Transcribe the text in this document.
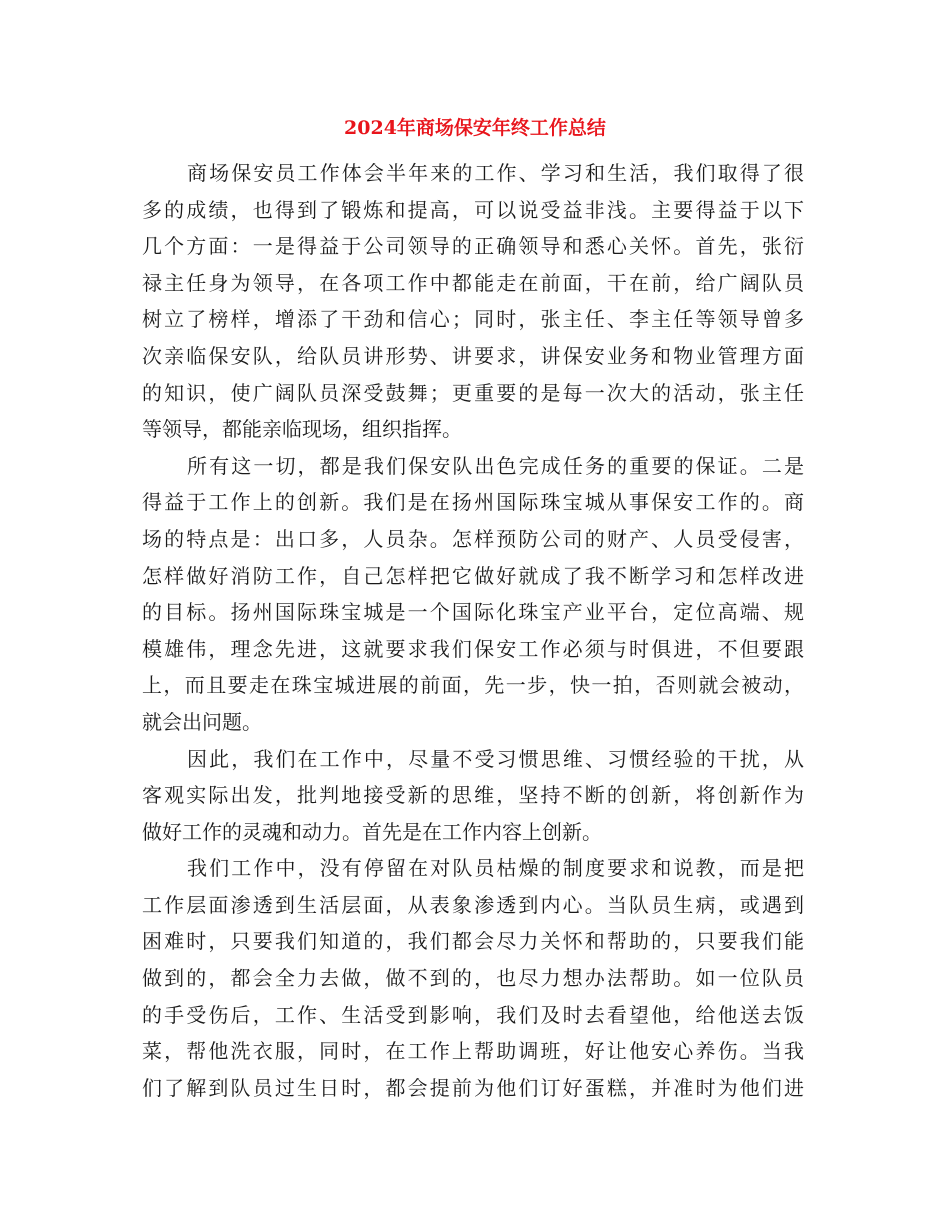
2024年商场保安年终工作总结
商场保安员工作体会半年来的工作、学习和生活，我们取得了很
多的成绩，也得到了锻炼和提高，可以说受益非浅。主要得益于以下
几个方面：一是得益于公司领导的正确领导和悉心关怀。首先，张衍
禄主任身为领导，在各项工作中都能走在前面，干在前，给广阔队员
树立了榜样，增添了干劲和信心；同时，张主任、李主任等领导曾多
次亲临保安队，给队员讲形势、讲要求，讲保安业务和物业管理方面
的知识，使广阔队员深受鼓舞；更重要的是每一次大的活动，张主任
等领导，都能亲临现场，组织指挥。
所有这一切，都是我们保安队出色完成任务的重要的保证。二是
得益于工作上的创新。我们是在扬州国际珠宝城从事保安工作的。商
场的特点是：出口多，人员杂。怎样预防公司的财产、人员受侵害，
怎样做好消防工作，自己怎样把它做好就成了我不断学习和怎样改进
的目标。扬州国际珠宝城是一个国际化珠宝产业平台，定位高端、规
模雄伟，理念先进，这就要求我们保安工作必须与时俱进，不但要跟
上，而且要走在珠宝城进展的前面，先一步，快一拍，否则就会被动，
就会出问题。
因此，我们在工作中，尽量不受习惯思维、习惯经验的干扰，从
客观实际出发，批判地接受新的思维，坚持不断的创新，将创新作为
做好工作的灵魂和动力。首先是在工作内容上创新。
我们工作中，没有停留在对队员枯燥的制度要求和说教，而是把
工作层面渗透到生活层面，从表象渗透到内心。当队员生病，或遇到
困难时，只要我们知道的，我们都会尽力关怀和帮助的，只要我们能
做到的，都会全力去做，做不到的，也尽力想办法帮助。如一位队员
的手受伤后，工作、生活受到影响，我们及时去看望他，给他送去饭
菜，帮他洗衣服，同时，在工作上帮助调班，好让他安心养伤。当我
们了解到队员过生日时，都会提前为他们订好蛋糕，并准时为他们进
